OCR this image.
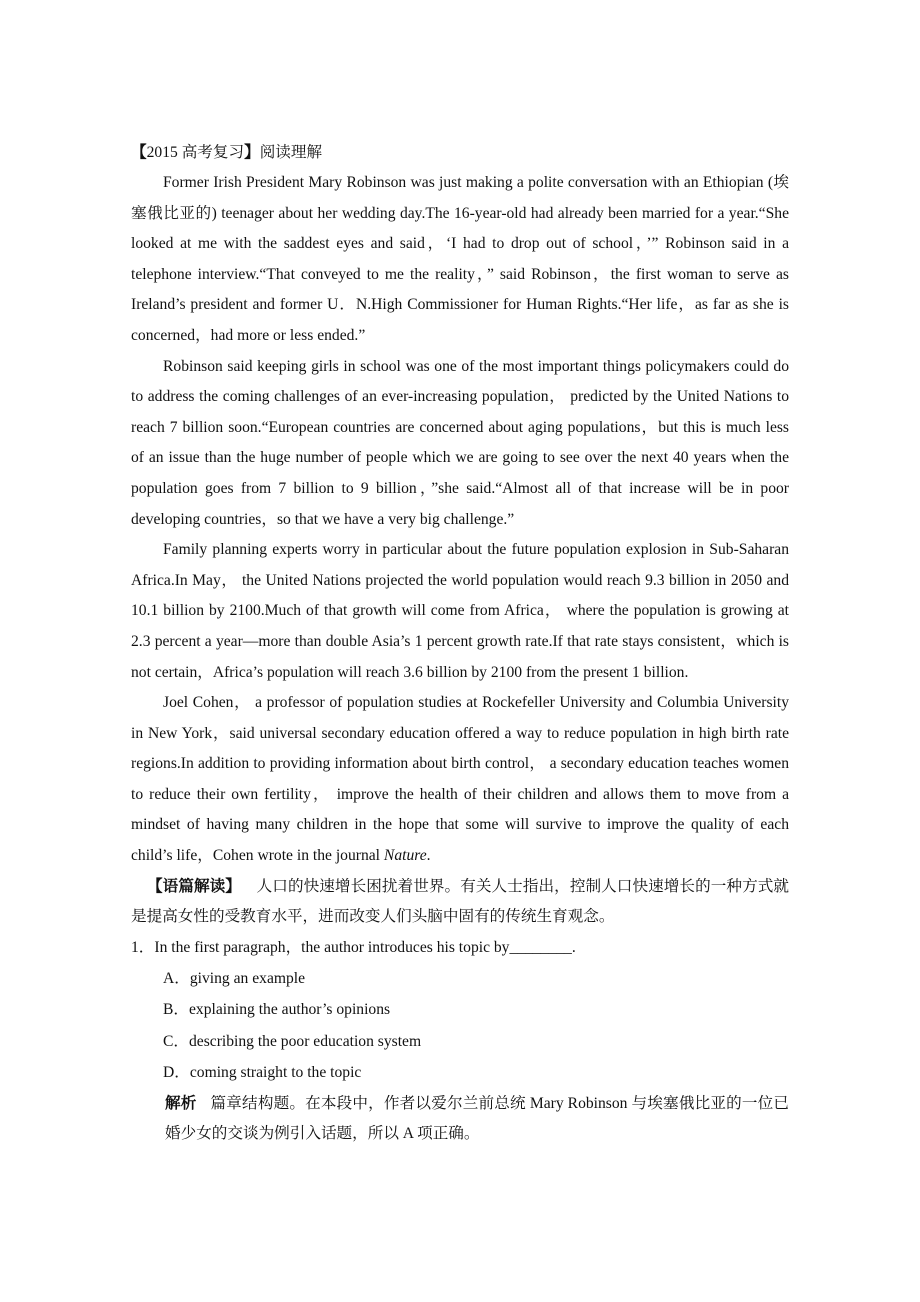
【2015 高考复习】阅读理解

Former Irish President Mary Robinson was just making a polite conversation with an Ethiopian (埃塞俄比亚的) teenager about her wedding day.The 16-year-old had already been married for a year.“She looked at me with the saddest eyes and said，‘I had to drop out of school，’” Robinson said in a telephone interview.“That conveyed to me the reality，” said Robinson，the first woman to serve as Ireland’s president and former U．N.High Commissioner for Human Rights.“Her life，as far as she is concerned，had more or less ended.”

Robinson said keeping girls in school was one of the most important things policymakers could do to address the coming challenges of an ever-increasing population， predicted by the United Nations to reach 7 billion soon.“European countries are concerned about aging populations，but this is much less of an issue than the huge number of people which we are going to see over the next 40 years when the population goes from 7 billion to 9 billion，”she said.“Almost all of that increase will be in poor developing countries，so that we have a very big challenge.”

Family planning experts worry in particular about the future population explosion in Sub-Saharan Africa.In May， the United Nations projected the world population would reach 9.3 billion in 2050 and 10.1 billion by 2100.Much of that growth will come from Africa， where the population is growing at 2.3 percent a year—more than double Asia’s 1 percent growth rate.If that rate stays consistent，which is not certain，Africa’s population will reach 3.6 billion by 2100 from the present 1 billion.

Joel Cohen， a professor of population studies at Rockefeller University and Columbia University in New York，said universal secondary education offered a way to reduce population in high birth rate regions.In addition to providing information about birth control， a secondary education teaches women to reduce their own fertility， improve the health of their children and allows them to move from a mindset of having many children in the hope that some will survive to improve the quality of each child’s life，Cohen wrote in the journal Nature.

【语篇解读】  人口的快速增长困扰着世界。有关人士指出，控制人口快速增长的一种方式就是提高女性的受教育水平，进而改变人们头脑中固有的传统生育观念。

1．In the first paragraph，the author introduces his topic by________.

A．giving an example
B．explaining the author’s opinions
C．describing the poor education system
D．coming straight to the topic

解析 篇章结构题。在本段中，作者以爱尔兰前总统 Mary Robinson 与埃塞俄比亚的一位已婚少女的交谈为例引入话题，所以 A 项正确。
